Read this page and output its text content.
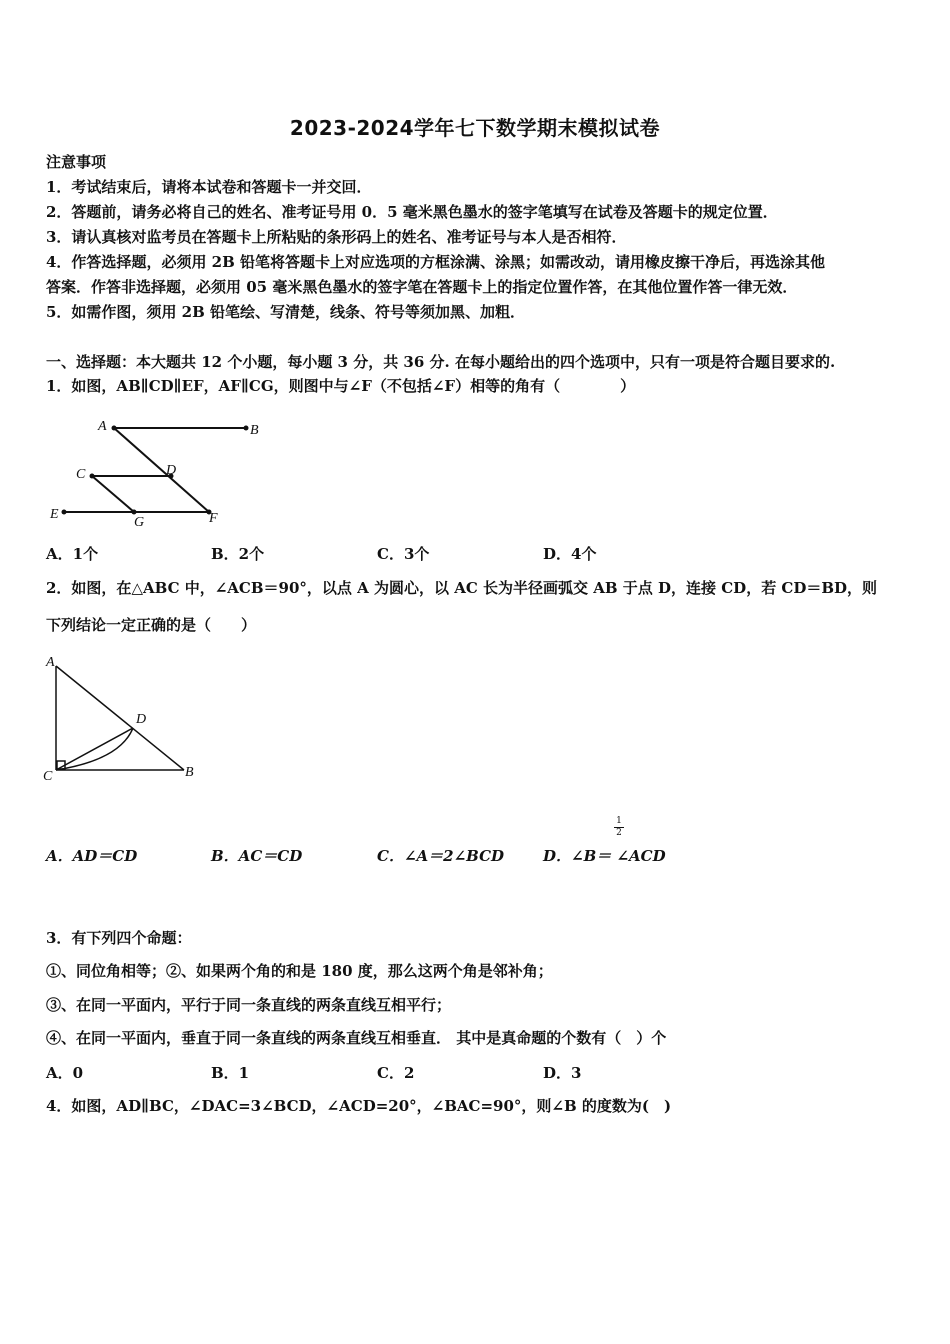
2023-2024学年七下数学期末模拟试卷
注意事项
1．考试结束后，请将本试卷和答题卡一并交回．
2．答题前，请务必将自己的姓名、准考证号用 0．5 毫米黑色墨水的签字笔填写在试卷及答题卡的规定位置．
3．请认真核对监考员在答题卡上所粘贴的条形码上的姓名、准考证号与本人是否相符．
4．作答选择题，必须用 2B 铅笔将答题卡上对应选项的方框涂满、涂黑；如需改动，请用橡皮擦干净后，再选涂其他
答案．作答非选择题，必须用 05 毫米黑色墨水的签字笔在答题卡上的指定位置作答，在其他位置作答一律无效．
5．如需作图，须用 2B 铅笔绘、写清楚，线条、符号等须加黑、加粗．
一、选择题：本大题共 12 个小题，每小题 3 分，共 36 分. 在每小题给出的四个选项中，只有一项是符合题目要求的.
1．如图，AB∥CD∥EF，AF∥CG，则图中与∠F（不包括∠F）相等的角有（　　　　）
A	B
C	D
E
G	F
A．1个	B．2个	C．3个	D．4个
2．如图，在△ABC 中，∠ACB＝90°，以点 A 为圆心，以 AC 长为半径画弧交 AB 于点 D，连接 CD，若 CD＝BD，则
下列结论一定正确的是（　　）
A
D
C	B
A．AD＝CD	B．AC＝CD	C．∠A＝2∠BCD	D．∠B＝ ∠ACD
$\frac{1}{2}$
3．有下列四个命题：
①、同位角相等；②、如果两个角的和是 180 度，那么这两个角是邻补角；
③、在同一平面内，平行于同一条直线的两条直线互相平行；
④、在同一平面内，垂直于同一条直线的两条直线互相垂直． 其中是真命题的个数有（　）个
A．0	B．1	C．2	D．3
4．如图，AD∥BC，∠DAC=3∠BCD，∠ACD=20°，∠BAC=90°，则∠B 的度数为(　)
